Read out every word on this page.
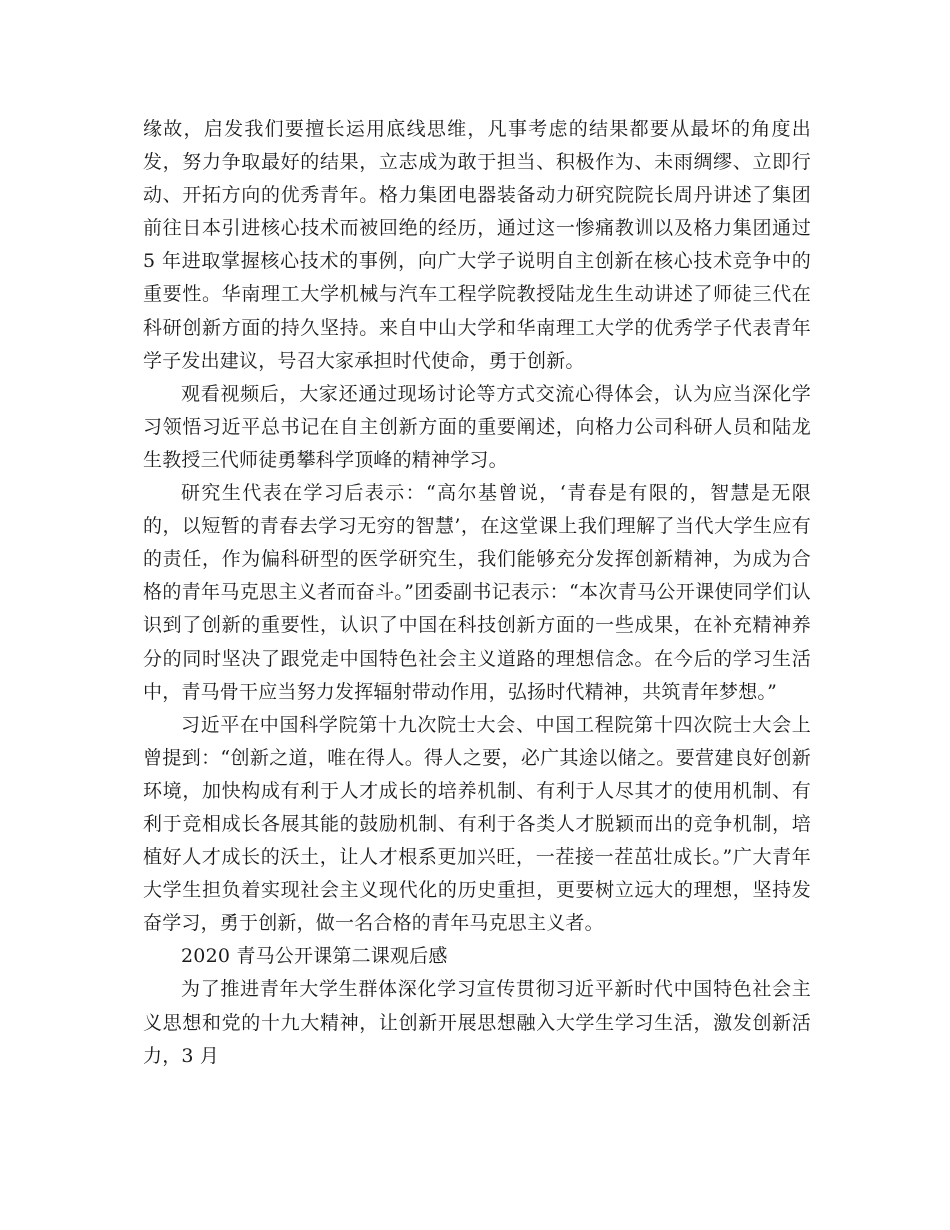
缘故，启发我们要擅长运用底线思维，凡事考虑的结果都要从最坏的角度出发，努力争取最好的结果，立志成为敢于担当、积极作为、未雨绸缪、立即行动、开拓方向的优秀青年。格力集团电器装备动力研究院院长周丹讲述了集团前往日本引进核心技术而被回绝的经历，通过这一惨痛教训以及格力集团通过 5 年进取掌握核心技术的事例，向广大学子说明自主创新在核心技术竞争中的重要性。华南理工大学机械与汽车工程学院教授陆龙生生动讲述了师徒三代在科研创新方面的持久坚持。来自中山大学和华南理工大学的优秀学子代表青年学子发出建议，号召大家承担时代使命，勇于创新。

观看视频后，大家还通过现场讨论等方式交流心得体会，认为应当深化学习领悟习近平总书记在自主创新方面的重要阐述，向格力公司科研人员和陆龙生教授三代师徒勇攀科学顶峰的精神学习。

研究生代表在学习后表示：“高尔基曾说，‘青春是有限的，智慧是无限的，以短暂的青春去学习无穷的智慧’，在这堂课上我们理解了当代大学生应有的责任，作为偏科研型的医学研究生，我们能够充分发挥创新精神，为成为合格的青年马克思主义者而奋斗。”团委副书记表示：“本次青马公开课使同学们认识到了创新的重要性，认识了中国在科技创新方面的一些成果，在补充精神养分的同时坚决了跟党走中国特色社会主义道路的理想信念。在今后的学习生活中，青马骨干应当努力发挥辐射带动作用，弘扬时代精神，共筑青年梦想。”

习近平在中国科学院第十九次院士大会、中国工程院第十四次院士大会上曾提到：“创新之道，唯在得人。得人之要，必广其途以储之。要营建良好创新环境，加快构成有利于人才成长的培养机制、有利于人尽其才的使用机制、有利于竞相成长各展其能的鼓励机制、有利于各类人才脱颖而出的竞争机制，培植好人才成长的沃土，让人才根系更加兴旺，一茬接一茬茁壮成长。”广大青年大学生担负着实现社会主义现代化的历史重担，更要树立远大的理想，坚持发奋学习，勇于创新，做一名合格的青年马克思主义者。

2020 青马公开课第二课观后感

为了推进青年大学生群体深化学习宣传贯彻习近平新时代中国特色社会主义思想和党的十九大精神，让创新开展思想融入大学生学习生活，激发创新活力，3 月
